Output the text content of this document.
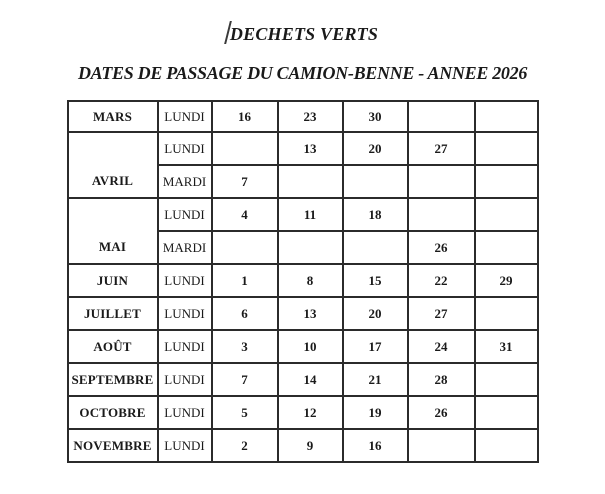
DECHETS VERTS
DATES DE PASSAGE DU CAMION-BENNE - ANNEE 2026
MARS	LUNDI	16	23	30		
AVRIL	LUNDI		13	20	27	
	MARDI	7				
MAI	LUNDI	4	11	18		
	MARDI				26	
JUIN	LUNDI	1	8	15	22	29
JUILLET	LUNDI	6	13	20	27	
AOÛT	LUNDI	3	10	17	24	31
SEPTEMBRE	LUNDI	7	14	21	28	
OCTOBRE	LUNDI	5	12	19	26	
NOVEMBRE	LUNDI	2	9	16		
